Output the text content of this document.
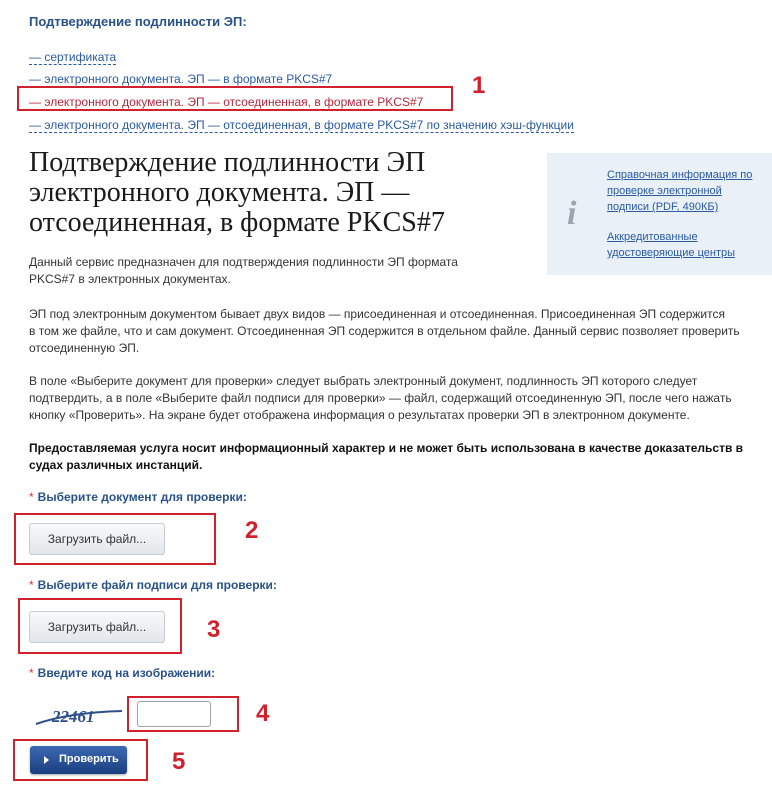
Подтверждение подлинности ЭП:
— сертификата
— электронного документа. ЭП — в формате PKCS#7
— электронного документа. ЭП — отсоединенная, в формате PKCS#7
— электронного документа. ЭП — отсоединенная, в формате PKCS#7 по значению хэш-функции
1
Подтверждение подлинности ЭП
электронного документа. ЭП —
отсоединенная, в формате PKCS#7	i
Справочная информация по
проверке электронной
подписи (PDF, 490КБ)
Аккредитованные
удостоверяющие центры
Данный сервис предназначен для подтверждения подлинности ЭП формата
PKCS#7 в электронных документах.
ЭП под электронным документом бывает двух видов — присоединенная и отсоединенная. Присоединенная ЭП содержится
в том же файле, что и сам документ. Отсоединенная ЭП содержится в отдельном файле. Данный сервис позволяет проверить
отсоединенную ЭП.
В поле «Выберите документ для проверки» следует выбрать электронный документ, подлинность ЭП которого следует
подтвердить, а в поле «Выберите файл подписи для проверки» — файл, содержащий отсоединенную ЭП, после чего нажать
кнопку «Проверить». На экране будет отображена информация о результатах проверки ЭП в электронном документе.
Предоставляемая услуга носит информационный характер и не может быть использована в качестве доказательств в
судах различных инстанций.
* Выберите документ для проверки:
Загрузить файл...	2
* Выберите файл подписи для проверки:
Загрузить файл...	3
* Введите код на изображении:
22461	4
Проверить 5
